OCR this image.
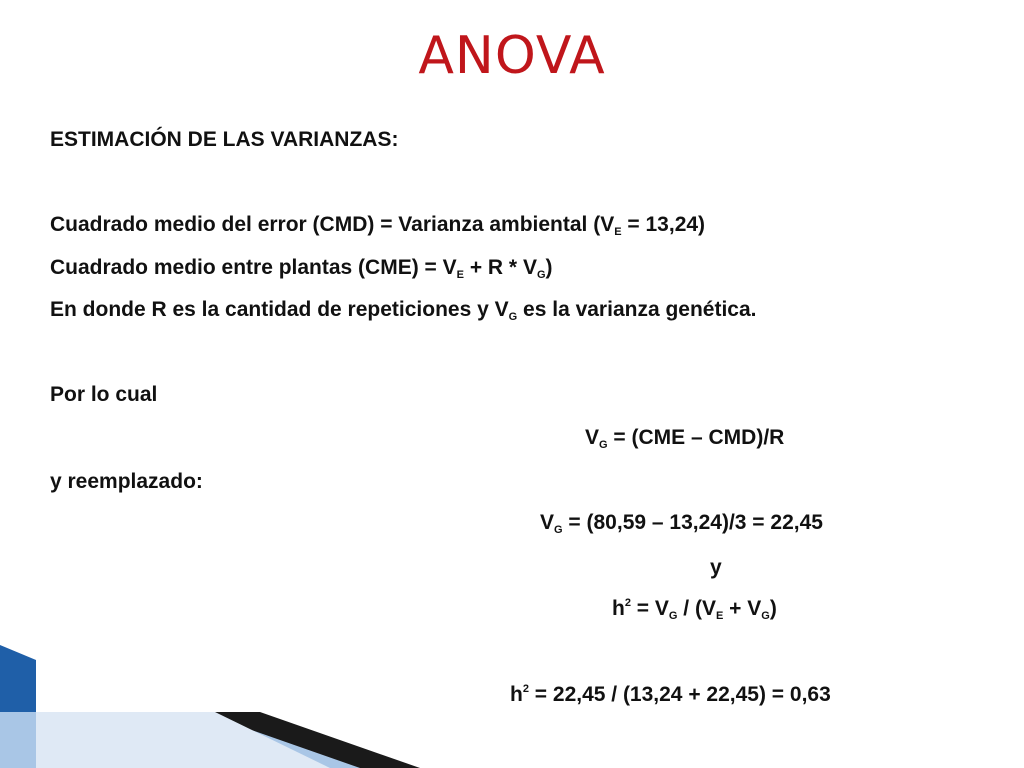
ANOVA
ESTIMACIÓN DE LAS VARIANZAS:
Cuadrado medio del error (CMD) = Varianza ambiental $(V_E = 13,24)$
Cuadrado medio entre plantas $(CME) = V_E + R * V_G$)
En donde R es la cantidad de repeticiones y $V_G$ es la varianza genética.
Por lo cual
$V_G = (CME - CMD)/R$
y reemplazado:
$V_G = (80,59 - 13,24)/3 = 22,45$
y
$h^2 = V_G / (V_E + V_G)$
$h^2 = 22,45 / (13,24 + 22,45) = 0,63$
